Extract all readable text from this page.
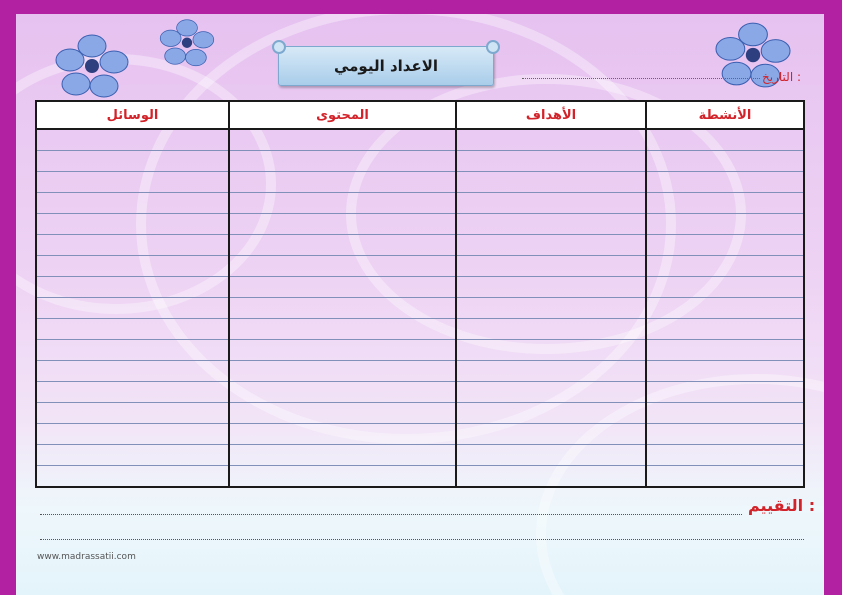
الاعداد اليومي
التاريخ :
الوسائل	المحتوى	الأهداف	الأنشطة

التقييم :
www.madrassatii.com
